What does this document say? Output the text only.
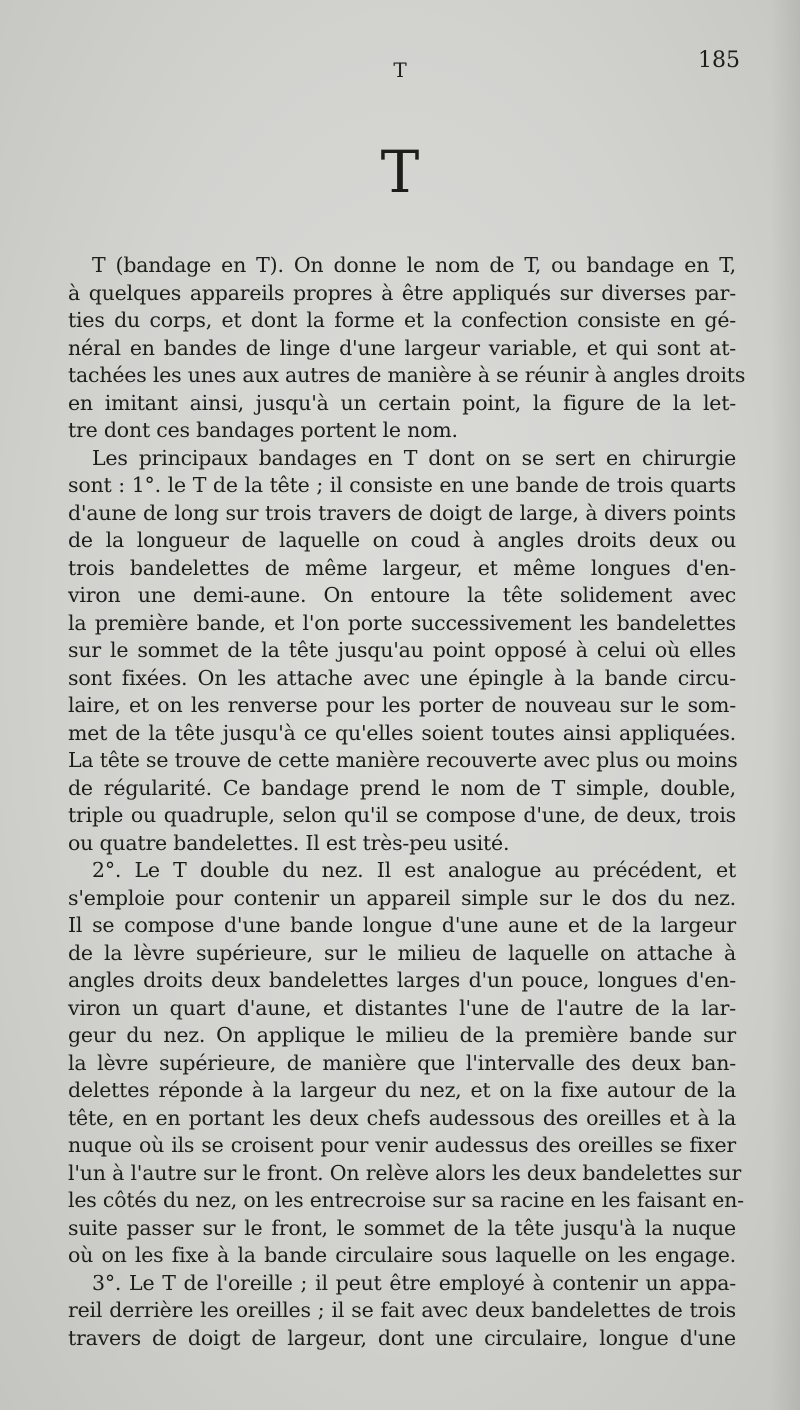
T	185
T
T (bandage en T). On donne le nom de T, ou bandage en T,
à quelques appareils propres à être appliqués sur diverses par-
ties du corps, et dont la forme et la confection consiste en gé-
néral en bandes de linge d'une largeur variable, et qui sont at-
tachées les unes aux autres de manière à se réunir à angles droits
en imitant ainsi, jusqu'à un certain point, la figure de la let-
tre dont ces bandages portent le nom.
Les principaux bandages en T dont on se sert en chirurgie
sont : 1°. le T de la tête ; il consiste en une bande de trois quarts
d'aune de long sur trois travers de doigt de large, à divers points
de la longueur de laquelle on coud à angles droits deux ou
trois bandelettes de même largeur, et même longues d'en-
viron une demi-aune. On entoure la tête solidement avec
la première bande, et l'on porte successivement les bandelettes
sur le sommet de la tête jusqu'au point opposé à celui où elles
sont fixées. On les attache avec une épingle à la bande circu-
laire, et on les renverse pour les porter de nouveau sur le som-
met de la tête jusqu'à ce qu'elles soient toutes ainsi appliquées.
La tête se trouve de cette manière recouverte avec plus ou moins
de régularité. Ce bandage prend le nom de T simple, double,
triple ou quadruple, selon qu'il se compose d'une, de deux, trois
ou quatre bandelettes. Il est très-peu usité.
2°. Le T double du nez. Il est analogue au précédent, et
s'emploie pour contenir un appareil simple sur le dos du nez.
Il se compose d'une bande longue d'une aune et de la largeur
de la lèvre supérieure, sur le milieu de laquelle on attache à
angles droits deux bandelettes larges d'un pouce, longues d'en-
viron un quart d'aune, et distantes l'une de l'autre de la lar-
geur du nez. On applique le milieu de la première bande sur
la lèvre supérieure, de manière que l'intervalle des deux ban-
delettes réponde à la largeur du nez, et on la fixe autour de la
tête, en en portant les deux chefs audessous des oreilles et à la
nuque où ils se croisent pour venir audessus des oreilles se fixer
l'un à l'autre sur le front. On relève alors les deux bandelettes sur
les côtés du nez, on les entrecroise sur sa racine en les faisant en-
suite passer sur le front, le sommet de la tête jusqu'à la nuque
où on les fixe à la bande circulaire sous laquelle on les engage.
3°. Le T de l'oreille ; il peut être employé à contenir un appa-
reil derrière les oreilles ; il se fait avec deux bandelettes de trois
travers de doigt de largeur, dont une circulaire, longue d'une
